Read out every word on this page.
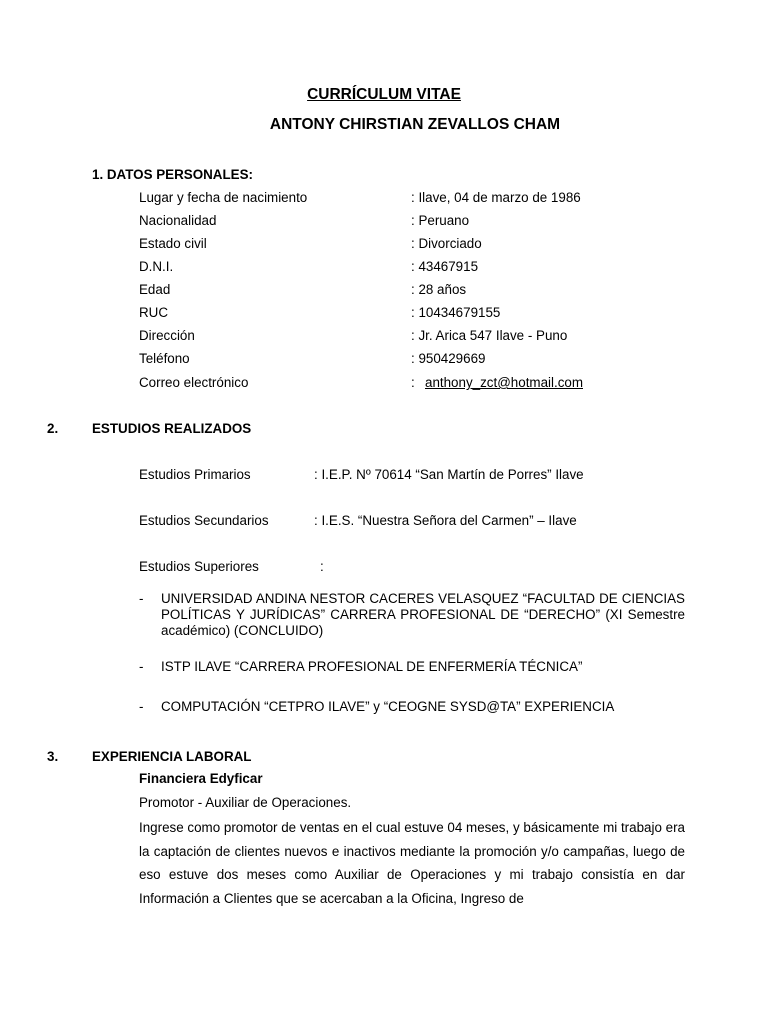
CURRÍCULUM VITAE
ANTONY CHIRSTIAN ZEVALLOS CHAM
1. DATOS PERSONALES:
Lugar y fecha de nacimiento	: Ilave, 04 de marzo de 1986
Nacionalidad	: Peruano
Estado civil	: Divorciado
D.N.I.	: 43467915
Edad	: 28 años
RUC	: 10434679155
Dirección	: Jr. Arica 547 Ilave - Puno
Teléfono	: 950429669
Correo electrónico	: anthony_zct@hotmail.com
2.	ESTUDIOS REALIZADOS
Estudios Primarios	: I.E.P. Nº 70614 “San Martín de Porres” Ilave
Estudios Secundarios	: I.E.S. “Nuestra Señora del Carmen” – Ilave
Estudios Superiores	:
- UNIVERSIDAD ANDINA NESTOR CACERES VELASQUEZ “FACULTAD DE CIENCIAS POLÍTICAS Y JURÍDICAS” CARRERA PROFESIONAL DE “DERECHO” (XI Semestre académico) (CONCLUIDO)
- ISTP ILAVE “CARRERA PROFESIONAL DE ENFERMERÍA TÉCNICA”
- COMPUTACIÓN “CETPRO ILAVE” y “CEOGNE SYSD@TA” EXPERIENCIA
3.	EXPERIENCIA LABORAL
Financiera Edyficar
Promotor - Auxiliar de Operaciones.
Ingrese como promotor de ventas en el cual estuve 04 meses, y básicamente mi trabajo era la captación de clientes nuevos e inactivos mediante la promoción y/o campañas, luego de eso estuve dos meses como Auxiliar de Operaciones y mi trabajo consistía en dar Información a Clientes que se acercaban a la Oficina, Ingreso de
